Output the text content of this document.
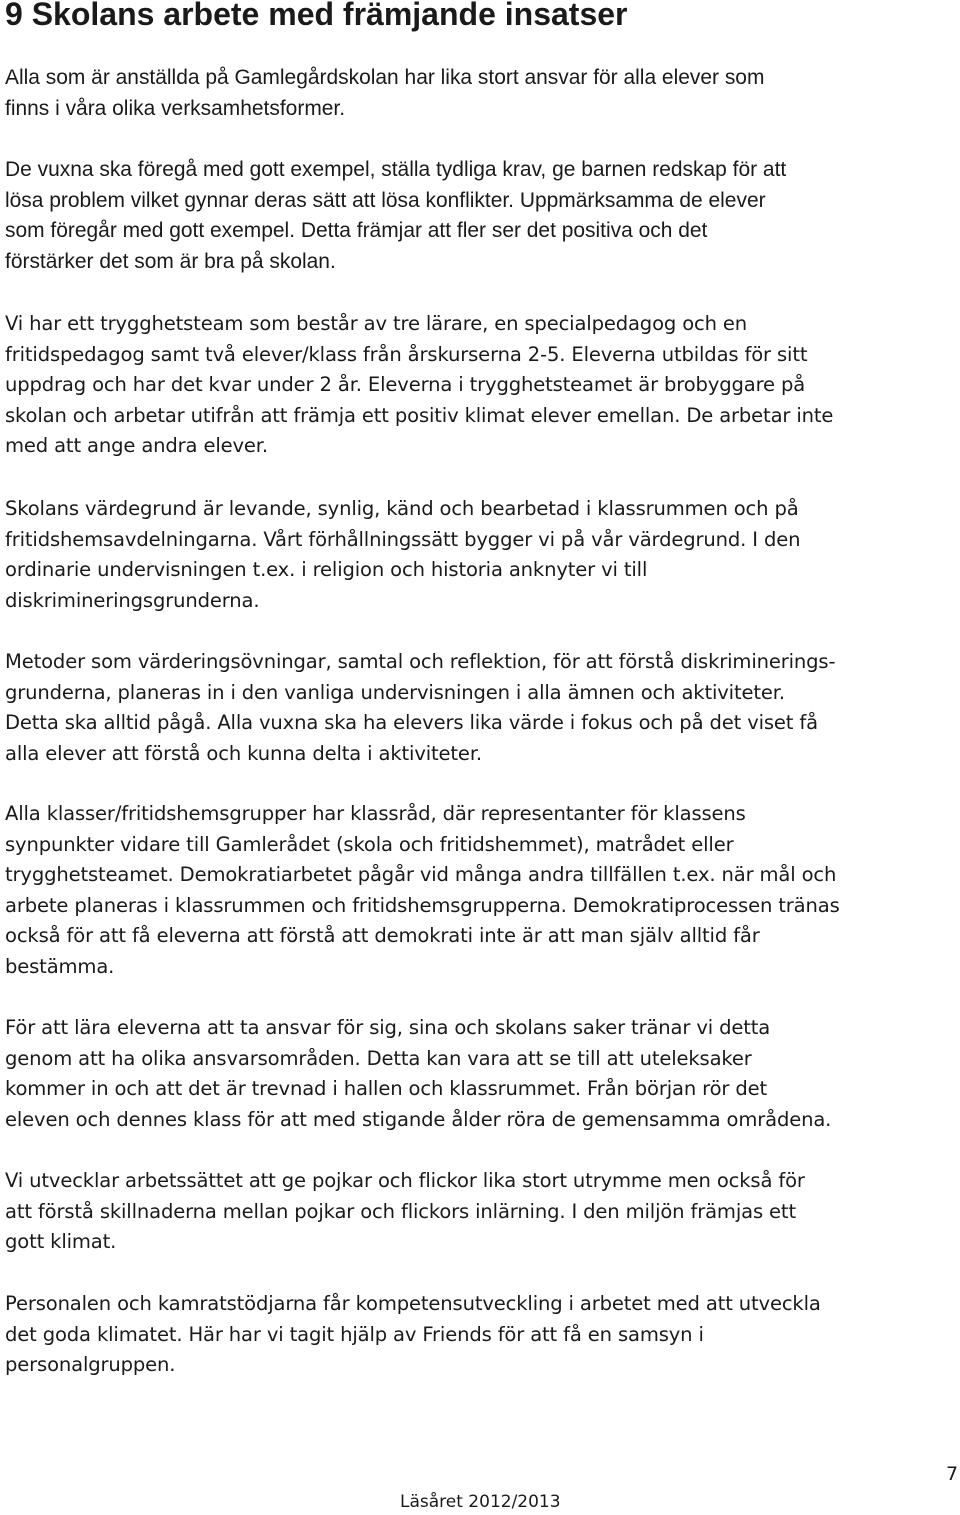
9 Skolans arbete med främjande insatser

Alla som är anställda på Gamlegårdskolan har lika stort ansvar för alla elever som
finns i våra olika verksamhetsformer.

De vuxna ska föregå med gott exempel, ställa tydliga krav, ge barnen redskap för att
lösa problem vilket gynnar deras sätt att lösa konflikter. Uppmärksamma de elever
som föregår med gott exempel. Detta främjar att fler ser det positiva och det
förstärker det som är bra på skolan.

Vi har ett trygghetsteam som består av tre lärare, en specialpedagog och en
fritidspedagog samt två elever/klass från årskurserna 2-5. Eleverna utbildas för sitt
uppdrag och har det kvar under 2 år. Eleverna i trygghetsteamet är brobyggare på
skolan och arbetar utifrån att främja ett positiv klimat elever emellan. De arbetar inte
med att ange andra elever.

Skolans värdegrund är levande, synlig, känd och bearbetad i klassrummen och på
fritidshemsavdelningarna. Vårt förhållningssätt bygger vi på vår värdegrund. I den
ordinarie undervisningen t.ex. i religion och historia anknyter vi till
diskrimineringsgrunderna.

Metoder som värderingsövningar, samtal och reflektion, för att förstå diskriminerings-
grunderna, planeras in i den vanliga undervisningen i alla ämnen och aktiviteter.
Detta ska alltid pågå. Alla vuxna ska ha elevers lika värde i fokus och på det viset få
alla elever att förstå och kunna delta i aktiviteter.

Alla klasser/fritidshemsgrupper har klassråd, där representanter för klassens
synpunkter vidare till Gamlerådet (skola och fritidshemmet), matrådet eller
trygghetsteamet. Demokratiarbetet pågår vid många andra tillfällen t.ex. när mål och
arbete planeras i klassrummen och fritidshemsgrupperna. Demokratiprocessen tränas
också för att få eleverna att förstå att demokrati inte är att man själv alltid får
bestämma.

För att lära eleverna att ta ansvar för sig, sina och skolans saker tränar vi detta
genom att ha olika ansvarsområden. Detta kan vara att se till att uteleksaker
kommer in och att det är trevnad i hallen och klassrummet. Från början rör det
eleven och dennes klass för att med stigande ålder röra de gemensamma områdena.

Vi utvecklar arbetssättet att ge pojkar och flickor lika stort utrymme men också för
att förstå skillnaderna mellan pojkar och flickors inlärning. I den miljön främjas ett
gott klimat.

Personalen och kamratstödjarna får kompetensutveckling i arbetet med att utveckla
det goda klimatet. Här har vi tagit hjälp av Friends för att få en samsyn i
personalgruppen.

7
Läsåret 2012/2013
